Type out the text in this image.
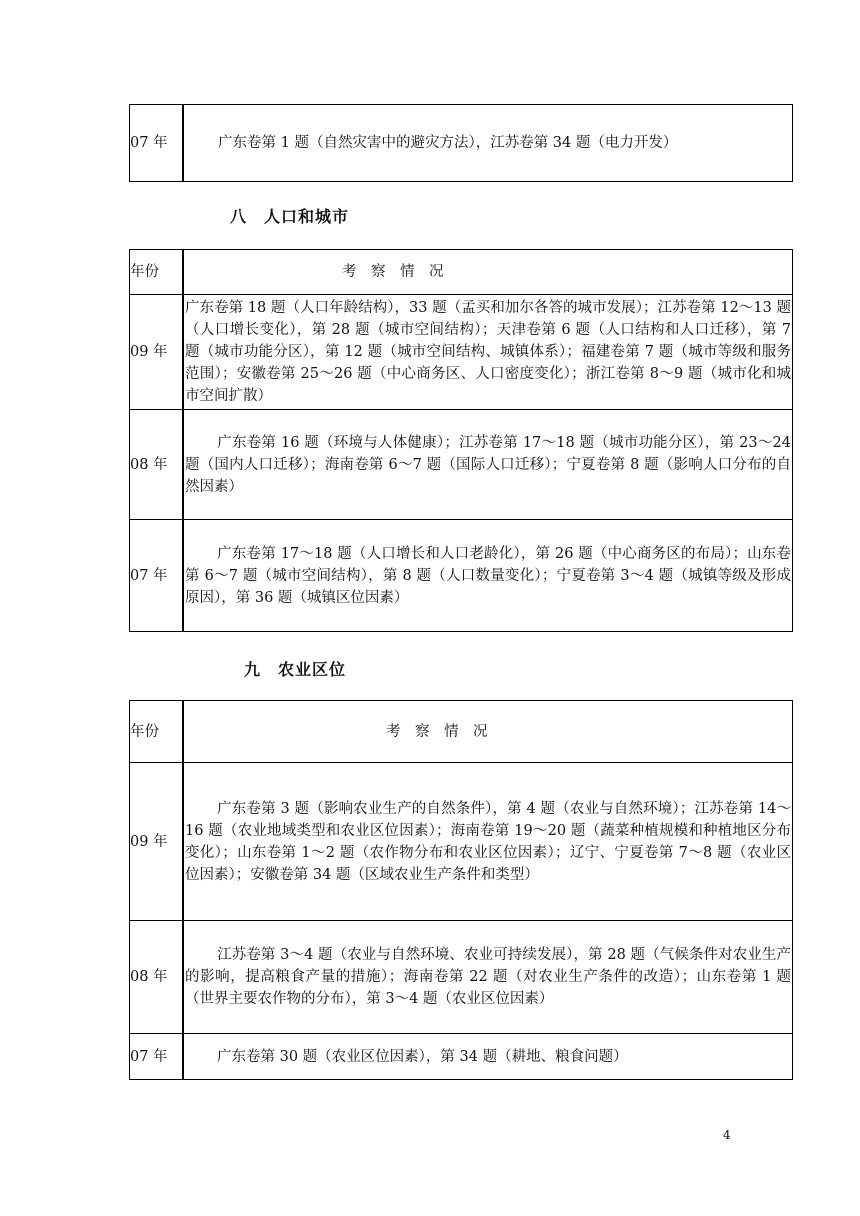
07 年	广东卷第 1 题（自然灾害中的避灾方法），江苏卷第 34 题（电力开发）
八　人口和城市
年份	考　察　情　况
09 年	广东卷第 18 题（人口年龄结构），33 题（孟买和加尔各答的城市发展）；江苏卷第 12～13 题（人口增长变化），第 28 题（城市空间结构）；天津卷第 6 题（人口结构和人口迁移），第 7 题（城市功能分区），第 12 题（城市空间结构、城镇体系）；福建卷第 7 题（城市等级和服务范围）；安徽卷第 25～26 题（中心商务区、人口密度变化）；浙江卷第 8～9 题（城市化和城市空间扩散）
08 年	广东卷第 16 题（环境与人体健康）；江苏卷第 17～18 题（城市功能分区），第 23～24 题（国内人口迁移）；海南卷第 6～7 题（国际人口迁移）；宁夏卷第 8 题（影响人口分布的自然因素）
07 年	广东卷第 17～18 题（人口增长和人口老龄化），第 26 题（中心商务区的布局）；山东卷第 6～7 题（城市空间结构），第 8 题（人口数量变化）；宁夏卷第 3～4 题（城镇等级及形成原因），第 36 题（城镇区位因素）
九　农业区位
年份	考　察　情　况
09 年	广东卷第 3 题（影响农业生产的自然条件），第 4 题（农业与自然环境）；江苏卷第 14～16 题（农业地域类型和农业区位因素）；海南卷第 19～20 题（蔬菜种植规模和种植地区分布变化）；山东卷第 1～2 题（农作物分布和农业区位因素）；辽宁、宁夏卷第 7～8 题（农业区位因素）；安徽卷第 34 题（区域农业生产条件和类型）
08 年	江苏卷第 3～4 题（农业与自然环境、农业可持续发展），第 28 题（气候条件对农业生产的影响，提高粮食产量的措施）；海南卷第 22 题（对农业生产条件的改造）；山东卷第 1 题（世界主要农作物的分布），第 3～4 题（农业区位因素）
07 年	广东卷第 30 题（农业区位因素），第 34 题（耕地、粮食问题）
4
